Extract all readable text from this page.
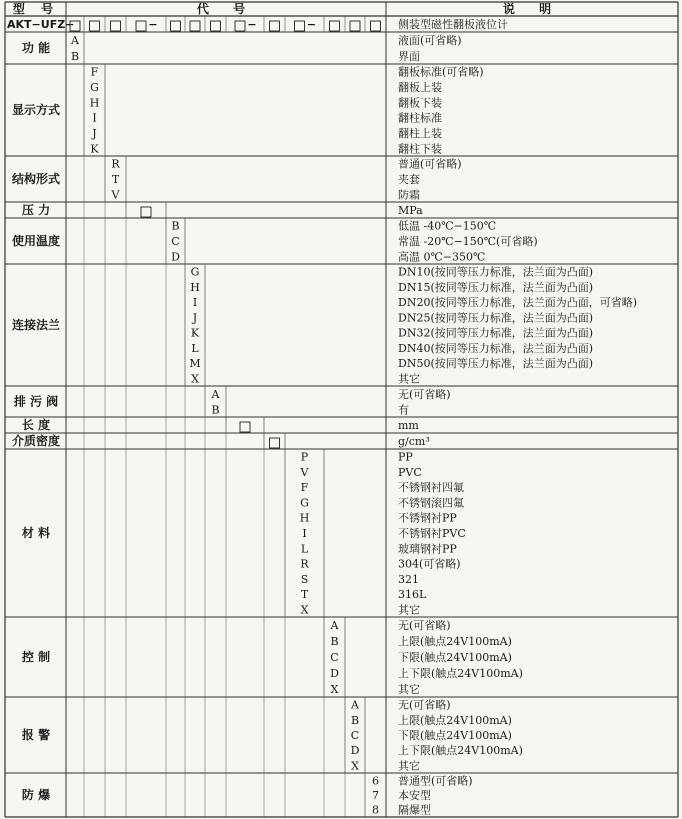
型 号	代 号	说 明
AKT−UFZ−	−	−	−	侧装型磁性翻板液位计
功 能
A	液面(可省略)
B	界面
显示方式
F	翻板标准(可省略)
G	翻板上装
H	翻板下装
I	翻柱标准
J	翻柱上装
K	翻柱下装
结构形式
R	普通(可省略)
T	夹套
V	防霜
压 力	MPa
使用温度
B	低温 -40℃−150℃
C	常温 -20℃−150℃(可省略)
D	高温 0℃−350℃
连接法兰
G	DN10(按同等压力标准，法兰面为凸面)
H	DN15(按同等压力标准，法兰面为凸面)
I	DN20(按同等压力标准，法兰面为凸面，可省略)
J	DN25(按同等压力标准，法兰面为凸面)
K	DN32(按同等压力标准，法兰面为凸面)
L	DN40(按同等压力标准，法兰面为凸面)
M	DN50(按同等压力标准，法兰面为凸面)
X	其它
排 污 阀
A	无(可省略)
B	有
长 度	mm
介质密度	g/cm³
材 料
P	PP
V	PVC
F	不锈钢衬四氟
G	不锈钢滚四氟
H	不锈钢衬PP
I	不锈钢衬PVC
L	玻璃钢衬PP
R	304(可省略)
S	321
T	316L
X	其它
控 制
A	无(可省略)
B	上限(触点24V100mA)
C	下限(触点24V100mA)
D	上下限(触点24V100mA)
X	其它
报 警
A	无(可省略)
B	上限(触点24V100mA)
C	下限(触点24V100mA)
D	上下限(触点24V100mA)
X	其它
防 爆
6 普通型(可省略)
7 本安型
8 隔爆型
